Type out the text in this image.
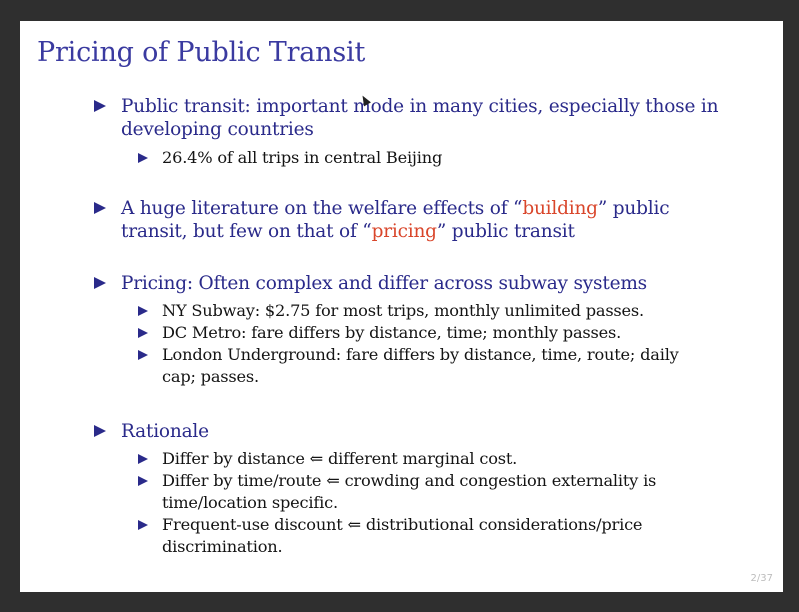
Pricing of Public Transit
Public transit: important mode in many cities, especially those in
developing countries
26.4% of all trips in central Beijing
A huge literature on the welfare effects of “building” public
transit, but few on that of “pricing” public transit
Pricing: Often complex and differ across subway systems
NY Subway: $2.75 for most trips, monthly unlimited passes.
DC Metro: fare differs by distance, time; monthly passes.
London Underground: fare differs by distance, time, route; daily
cap; passes.
Rationale
Differ by distance ⇐ different marginal cost.
Differ by time/route ⇐ crowding and congestion externality is
time/location specific.
Frequent-use discount ⇐ distributional considerations/price
discrimination.
2/37
